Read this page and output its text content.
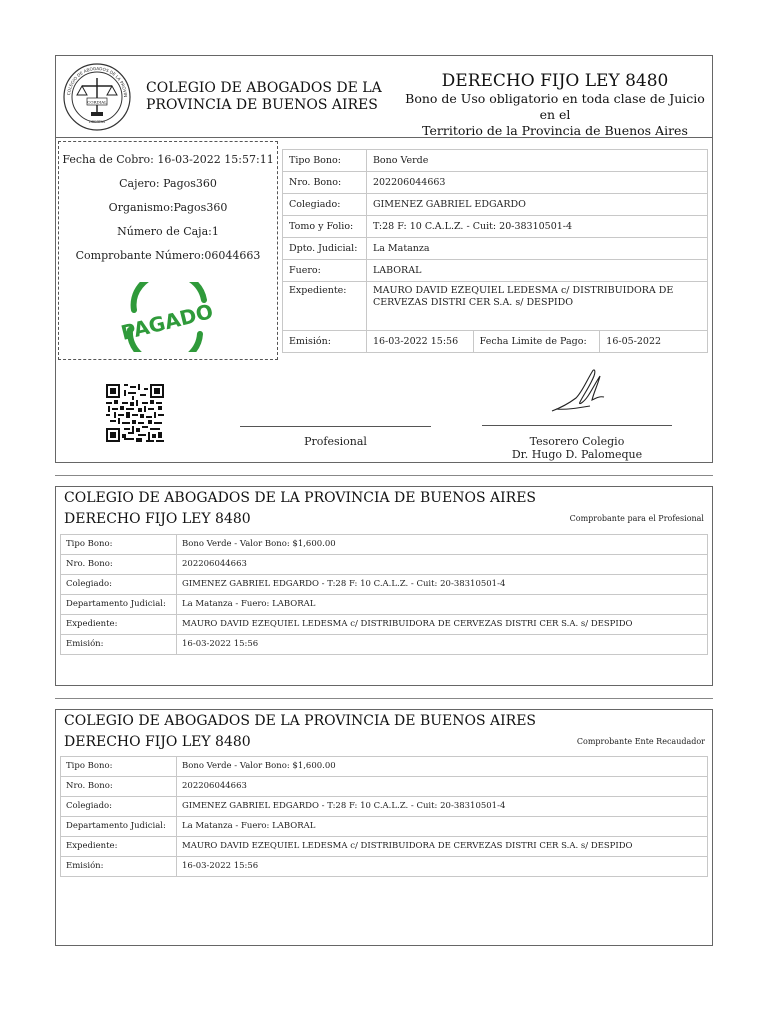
COLEGIO DE ABOGADOS DE LA PROVIN
CORDIAL
LIBERTAS
COLEGIO DE ABOGADOS DE LA
PROVINCIA DE BUENOS AIRES
DERECHO FIJO LEY 8480
Bono de Uso obligatorio en toda clase de Juicio en el
Territorio de la Provincia de Buenos Aires
Fecha de Cobro: 16-03-2022 15:57:11
Cajero: Pagos360
Organismo:Pagos360
Número de Caja:1
Comprobante Número:06044663
PAGADO
Tipo Bono:	Bono Verde		
Nro. Bono:	202206044663		
Colegiado:	GIMENEZ GABRIEL EDGARDO		
Tomo y Folio:	T:28 F: 10 C.A.L.Z. - Cuit: 20-38310501-4		
Dpto. Judicial:	La Matanza		
Fuero:	LABORAL		
Expediente:	MAURO DAVID EZEQUIEL LEDESMA c/ DISTRIBUIDORA DE
CERVEZAS DISTRI CER S.A. s/ DESPIDO		

Emisión:	16-03-2022 15:56	Fecha Limite de Pago:	16-05-2022
Profesional	Tesorero Colegio
Dr. Hugo D. Palomeque
COLEGIO DE ABOGADOS DE LA PROVINCIA DE BUENOS AIRES
DERECHO FIJO LEY 8480	Comprobante para el Profesional
Tipo Bono:	Bono Verde - Valor Bono: $1,600.00
Nro. Bono:	202206044663
Colegiado:	GIMENEZ GABRIEL EDGARDO - T:28 F: 10 C.A.L.Z. - Cuit: 20-38310501-4
Departamento Judicial:	La Matanza - Fuero: LABORAL
Expediente:	MAURO DAVID EZEQUIEL LEDESMA c/ DISTRIBUIDORA DE CERVEZAS DISTRI CER S.A. s/ DESPIDO
Emisión:	16-03-2022 15:56
COLEGIO DE ABOGADOS DE LA PROVINCIA DE BUENOS AIRES
DERECHO FIJO LEY 8480	Comprobante Ente Recaudador
Tipo Bono:	Bono Verde - Valor Bono: $1,600.00
Nro. Bono:	202206044663
Colegiado:	GIMENEZ GABRIEL EDGARDO - T:28 F: 10 C.A.L.Z. - Cuit: 20-38310501-4
Departamento Judicial:	La Matanza - Fuero: LABORAL
Expediente:	MAURO DAVID EZEQUIEL LEDESMA c/ DISTRIBUIDORA DE CERVEZAS DISTRI CER S.A. s/ DESPIDO
Emisión:	16-03-2022 15:56
